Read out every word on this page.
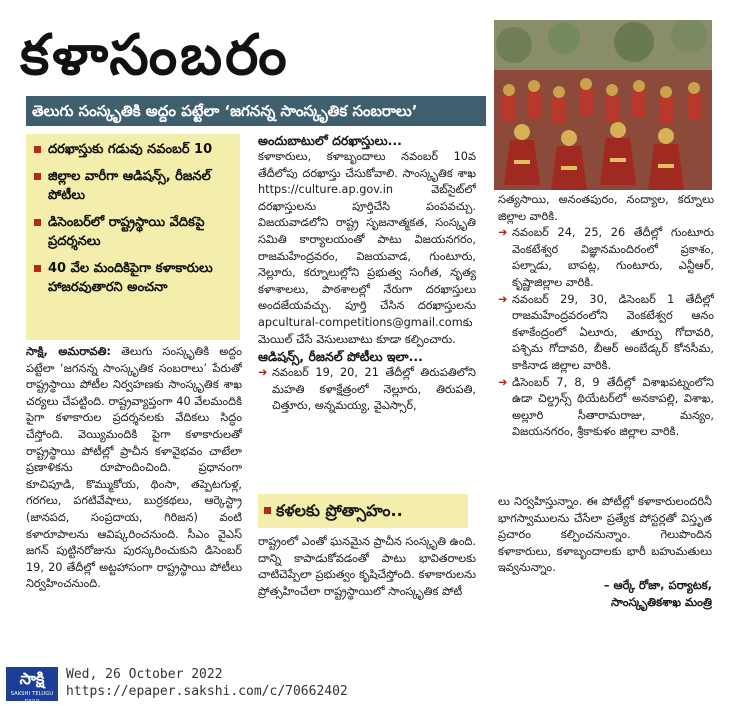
కళాసంబరం
తెలుగు సంస్కృతికి అద్దం పట్టేలా ‘జగనన్న సాంస్కృతిక సంబరాలు’
దరఖాస్తుకు గడువు నవంబర్ 10
జిల్లాల వారీగా ఆడిషన్స్, రీజనల్ పోటీలు
డిసెంబర్‌లో రాష్ట్రస్థాయి వేదికపై ప్రదర్శనలు
40 వేల మందికిపైగా కళాకారులు హాజరవుతారని అంచనా

సాక్షి, అమరావతి: తెలుగు సంస్కృతికి అద్దం పట్టేలా ‘జగనన్న సాంస్కృతిక సంబరాలు’ పేరుతో రాష్ట్రస్థాయి పోటీల నిర్వహణకు సాంస్కృతిక శాఖ చర్యలు చేపట్టింది. రాష్ట్రవ్యాప్తంగా 40 వేలమందికి పైగా కళాకారుల ప్రదర్శనలకు వేదికలు సిద్ధం చేస్తోంది. వెయ్యిమందికి పైగా కళాకారులతో రాష్ట్రస్థాయి పోటీల్లో ప్రాచీన కళావైభవం చాటేలా ప్రణాళికను రూపొందించింది. ప్రధానంగా కూచిపూడి, కొమ్ముకోయ, థింసా, తప్పెటగుళ్ల, గరగలు, పగటివేషాలు, బుర్రకథలు, ఆర్కెస్ట్రా (జానపద, సంప్రదాయ, గిరిజన) వంటి కళారూపాలను ఆవిష్కరించనుంది. సీఎం వైఎస్‌ జగన్‌ పుట్టినరోజును పురస్కరించుకుని డిసెంబర్‌ 19, 20 తేదీల్లో అట్టహాసంగా రాష్ట్రస్థాయి పోటీలు నిర్వహించనుంది.

అందుబాటులో దరఖాస్తులు...

కళాకారులు, కళాబృందాలు నవంబర్ 10వ తేదీలోపు దరఖాస్తు చేసుకోవాలి. సాంస్కృతిక శాఖ https://culture.ap.gov.in వెబ్‌సైట్‌లో దరఖాస్తులను పూర్తిచేసి పంపవచ్చు. విజయవాడలోని రాష్ట్ర సృజనాత్మకత, సంస్కృతి సమితి కార్యాలయంతో పాటు విజయనగరం, రాజమహేంద్రవరం, విజయవాడ, గుంటూరు, నెల్లూరు, కర్నూలుల్లోని ప్రభుత్వ సంగీత, నృత్య కళాశాలలు, పాఠశాలల్లో నేరుగా దరఖాస్తులు అందజేయవచ్చు. పూర్తి చేసిన దరఖాస్తులను apcultural-competitions@gmail.comకు మెయిల్‌ చేసే వెసులుబాటు కూడా కల్పించారు.

ఆడిషన్స్, రీజనల్ పోటీలు ఇలా...

➜ నవంబర్ 19, 20, 21 తేదీల్లో తిరుపతిలోని మహతి కళాక్షేత్రంలో నెల్లూరు, తిరుపతి, చిత్తూరు, అన్నమయ్య, వైఎస్సార్,

సత్యసాయి, అనంతపురం, నంద్యాల, కర్నూలు జిల్లాల వారికి.

➜ నవంబర్ 24, 25, 26 తేదీల్లో గుంటూరు వెంకటేశ్వర విజ్ఞానమందిరంలో ప్రకాశం, పల్నాడు, బాపట్ల, గుంటూరు, ఎన్టీఆర్, కృష్ణాజిల్లాల వారికి.

➜ నవంబర్ 29, 30, డిసెంబర్ 1 తేదీల్లో రాజమహేంద్రవరంలోని వెంకటేశ్వర ఆనం కళాకేంద్రంలో ఏలూరు, తూర్పు గోదావరి, పశ్చిమ గోదావరి, బీఆర్ అంబేడ్కర్ కోనసీమ, కాకినాడ జిల్లాల వారికి.

➜ డిసెంబర్ 7, 8, 9 తేదీల్లో విశాఖపట్నంలోని ఉడా చిల్డ్రన్స్ థియేటర్‌లో అనకాపల్లి, విశాఖ, అల్లూరి సీతారామరాజు, మన్యం, విజయనగరం, శ్రీకాకుళం జిల్లాల వారికి.

కళలకు ప్రోత్సాహం..

రాష్ట్రంలో ఎంతో ఘనమైన ప్రాచీన సంస్కృతి ఉంది. దాన్ని కాపాడుకోవడంతో పాటు భావితరాలకు చాటిచెప్పేలా ప్రభుత్వం కృషిచేస్తోంది. కళాకారులను ప్రోత్సహించేలా రాష్ట్రస్థాయిలో సాంస్కృతిక పోటీ

లు నిర్వహిస్తున్నాం. ఈ పోటీల్లో కళాకారులందరినీ భాగస్వాములను చేసేలా ప్రత్యేక పోస్టర్లతో విస్తృత ప్రచారం కల్పించనున్నాం. గెలుపొందిన కళాకారులు, కళాబృందాలకు భారీ బహుమతులు ఇవ్వనున్నాం.

– ఆర్కే రోజా, పర్యాటక,

సాంస్కృతికశాఖ మంత్రి

సాక్షి
SAKSHI TELUGU DAILY
Wed, 26 October 2022
https://epaper.sakshi.com/c/70662402
